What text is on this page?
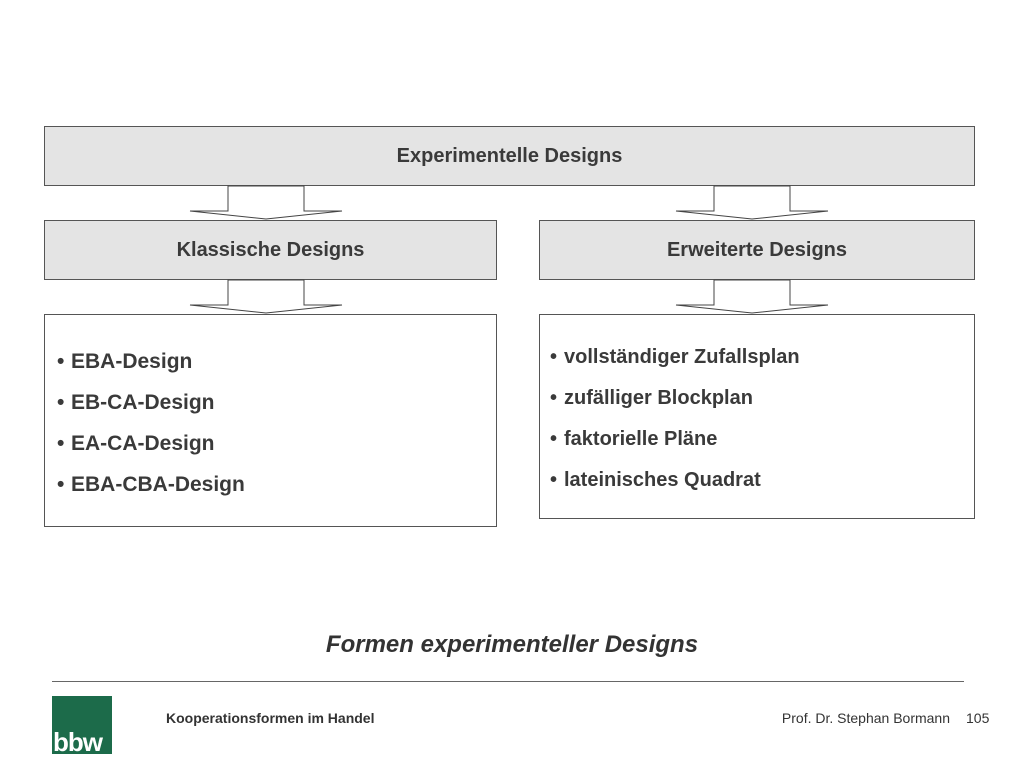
Experimentelle Designs
Klassische Designs	Erweiterte Designs
• EBA-Design
• EB-CA-Design
• EA-CA-Design
• EBA-CBA-Design
• vollständiger Zufallsplan
• zufälliger Blockplan
• faktorielle Pläne
• lateinisches Quadrat
Formen experimenteller Designs
bbw
Kooperationsformen im Handel	Prof. Dr. Stephan Bormann 105
